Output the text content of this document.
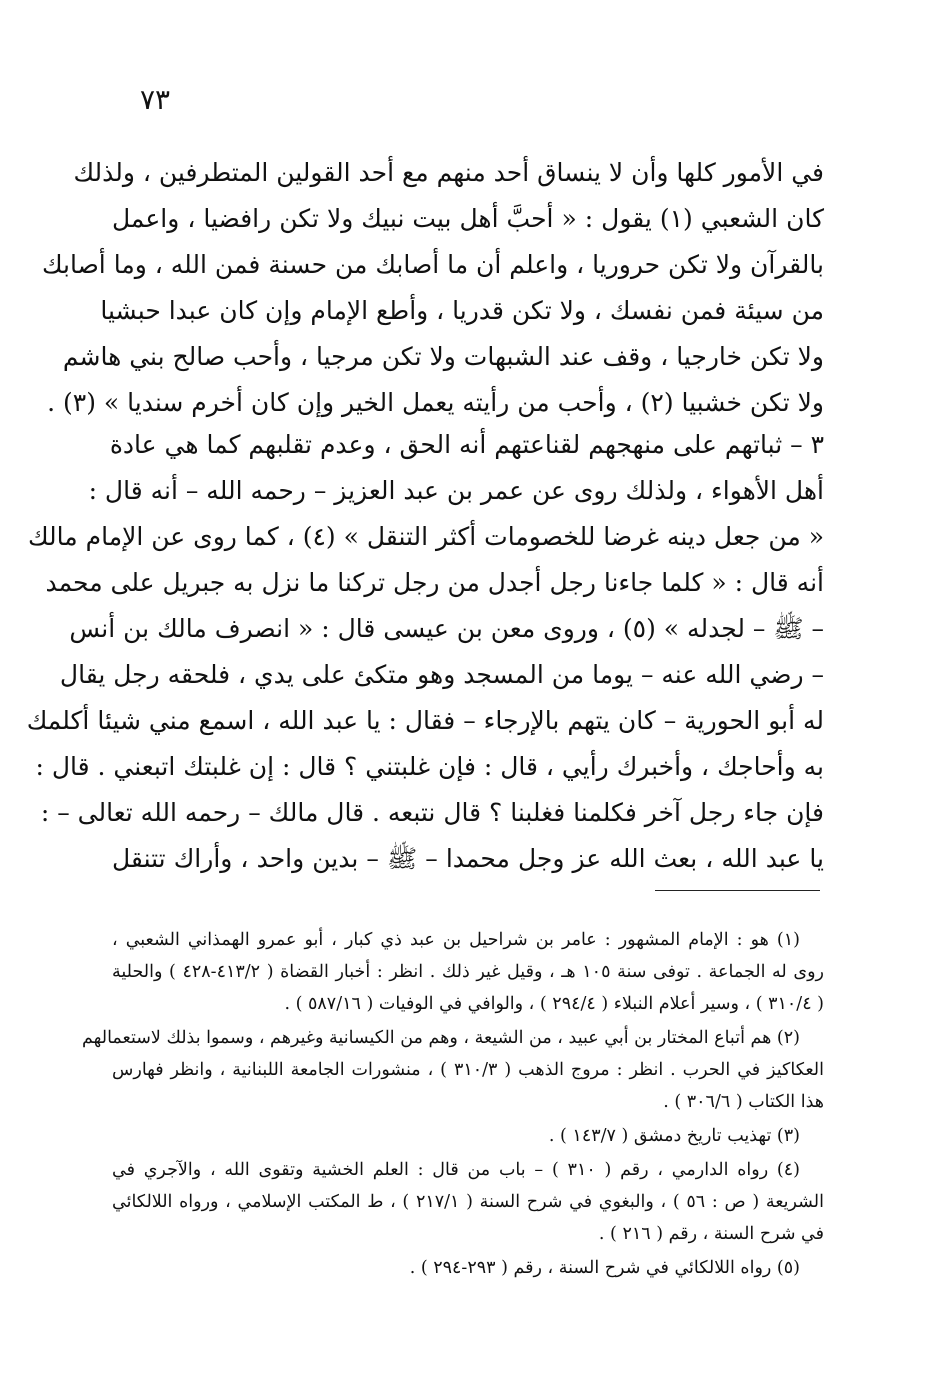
٧٣
في الأمور كلها وأن لا ينساق أحد منهم مع أحد القولين المتطرفين ، ولذلك
كان الشعبي (١) يقول : « أحبَّ أهل بيت نبيك ولا تكن رافضيا ، واعمل
بالقرآن ولا تكن حروريا ، واعلم أن ما أصابك من حسنة فمن الله ، وما أصابك
من سيئة فمن نفسك ، ولا تكن قدريا ، وأطع الإمام وإن كان عبدا حبشيا
ولا تكن خارجيا ، وقف عند الشبهات ولا تكن مرجيا ، وأحب صالح بني هاشم
ولا تكن خشبيا (٢) ، وأحب من رأيته يعمل الخير وإن كان أخرم سنديا » (٣) .
٣ – ثباتهم على منهجهم لقناعتهم أنه الحق ، وعدم تقلبهم كما هي عادة
أهل الأهواء ، ولذلك روى عن عمر بن عبد العزيز – رحمه الله – أنه قال :
« من جعل دينه غرضا للخصومات أكثر التنقل » (٤) ، كما روى عن الإمام مالك
أنه قال : « كلما جاءنا رجل أجدل من رجل تركنا ما نزل به جبريل على محمد
– ﷺ – لجدله » (٥) ، وروى معن بن عيسى قال : « انصرف مالك بن أنس
– رضي الله عنه – يوما من المسجد وهو متكئ على يدي ، فلحقه رجل يقال
له أبو الحورية – كان يتهم بالإرجاء – فقال : يا عبد الله ، اسمع مني شيئا أكلمك
به وأحاجك ، وأخبرك رأيي ، قال : فإن غلبتني ؟ قال : إن غلبتك اتبعني . قال :
فإن جاء رجل آخر فكلمنا فغلبنا ؟ قال نتبعه . قال مالك – رحمه الله تعالى – :
يا عبد الله ، بعث الله عز وجل محمدا – ﷺ – بدين واحد ، وأراك تتنقل
(١) هو : الإمام المشهور : عامر بن شراحيل بن عبد ذي كبار ، أبو عمرو الهمذاني الشعبي ،
روى له الجماعة . توفى سنة ١٠٥ هـ ، وقيل غير ذلك . انظر : أخبار القضاة ( ٤١٣/٢-٤٢٨ ) والحلية
( ٣١٠/٤ ) ، وسير أعلام النبلاء ( ٢٩٤/٤ ) ، والوافي في الوفيات ( ٥٨٧/١٦ ) .
(٢) هم أتباع المختار بن أبي عبيد ، من الشيعة ، وهم من الكيسانية وغيرهم ، وسموا بذلك لاستعمالهم
العكاكيز في الحرب . انظر : مروج الذهب ( ٣١٠/٣ ) ، منشورات الجامعة اللبنانية ، وانظر فهارس
هذا الكتاب ( ٣٠٦/٦ ) .
(٣) تهذيب تاريخ دمشق ( ١٤٣/٧ ) .
(٤) رواه الدارمي ، رقم ( ٣١٠ ) – باب من قال : العلم الخشية وتقوى الله ، والآجري في
الشريعة ( ص : ٥٦ ) ، والبغوي في شرح السنة ( ٢١٧/١ ) ، ط المكتب الإسلامي ، ورواه اللالكائي
في شرح السنة ، رقم ( ٢١٦ ) .
(٥) رواه اللالكائي في شرح السنة ، رقم ( ٢٩٣-٢٩٤ ) .
